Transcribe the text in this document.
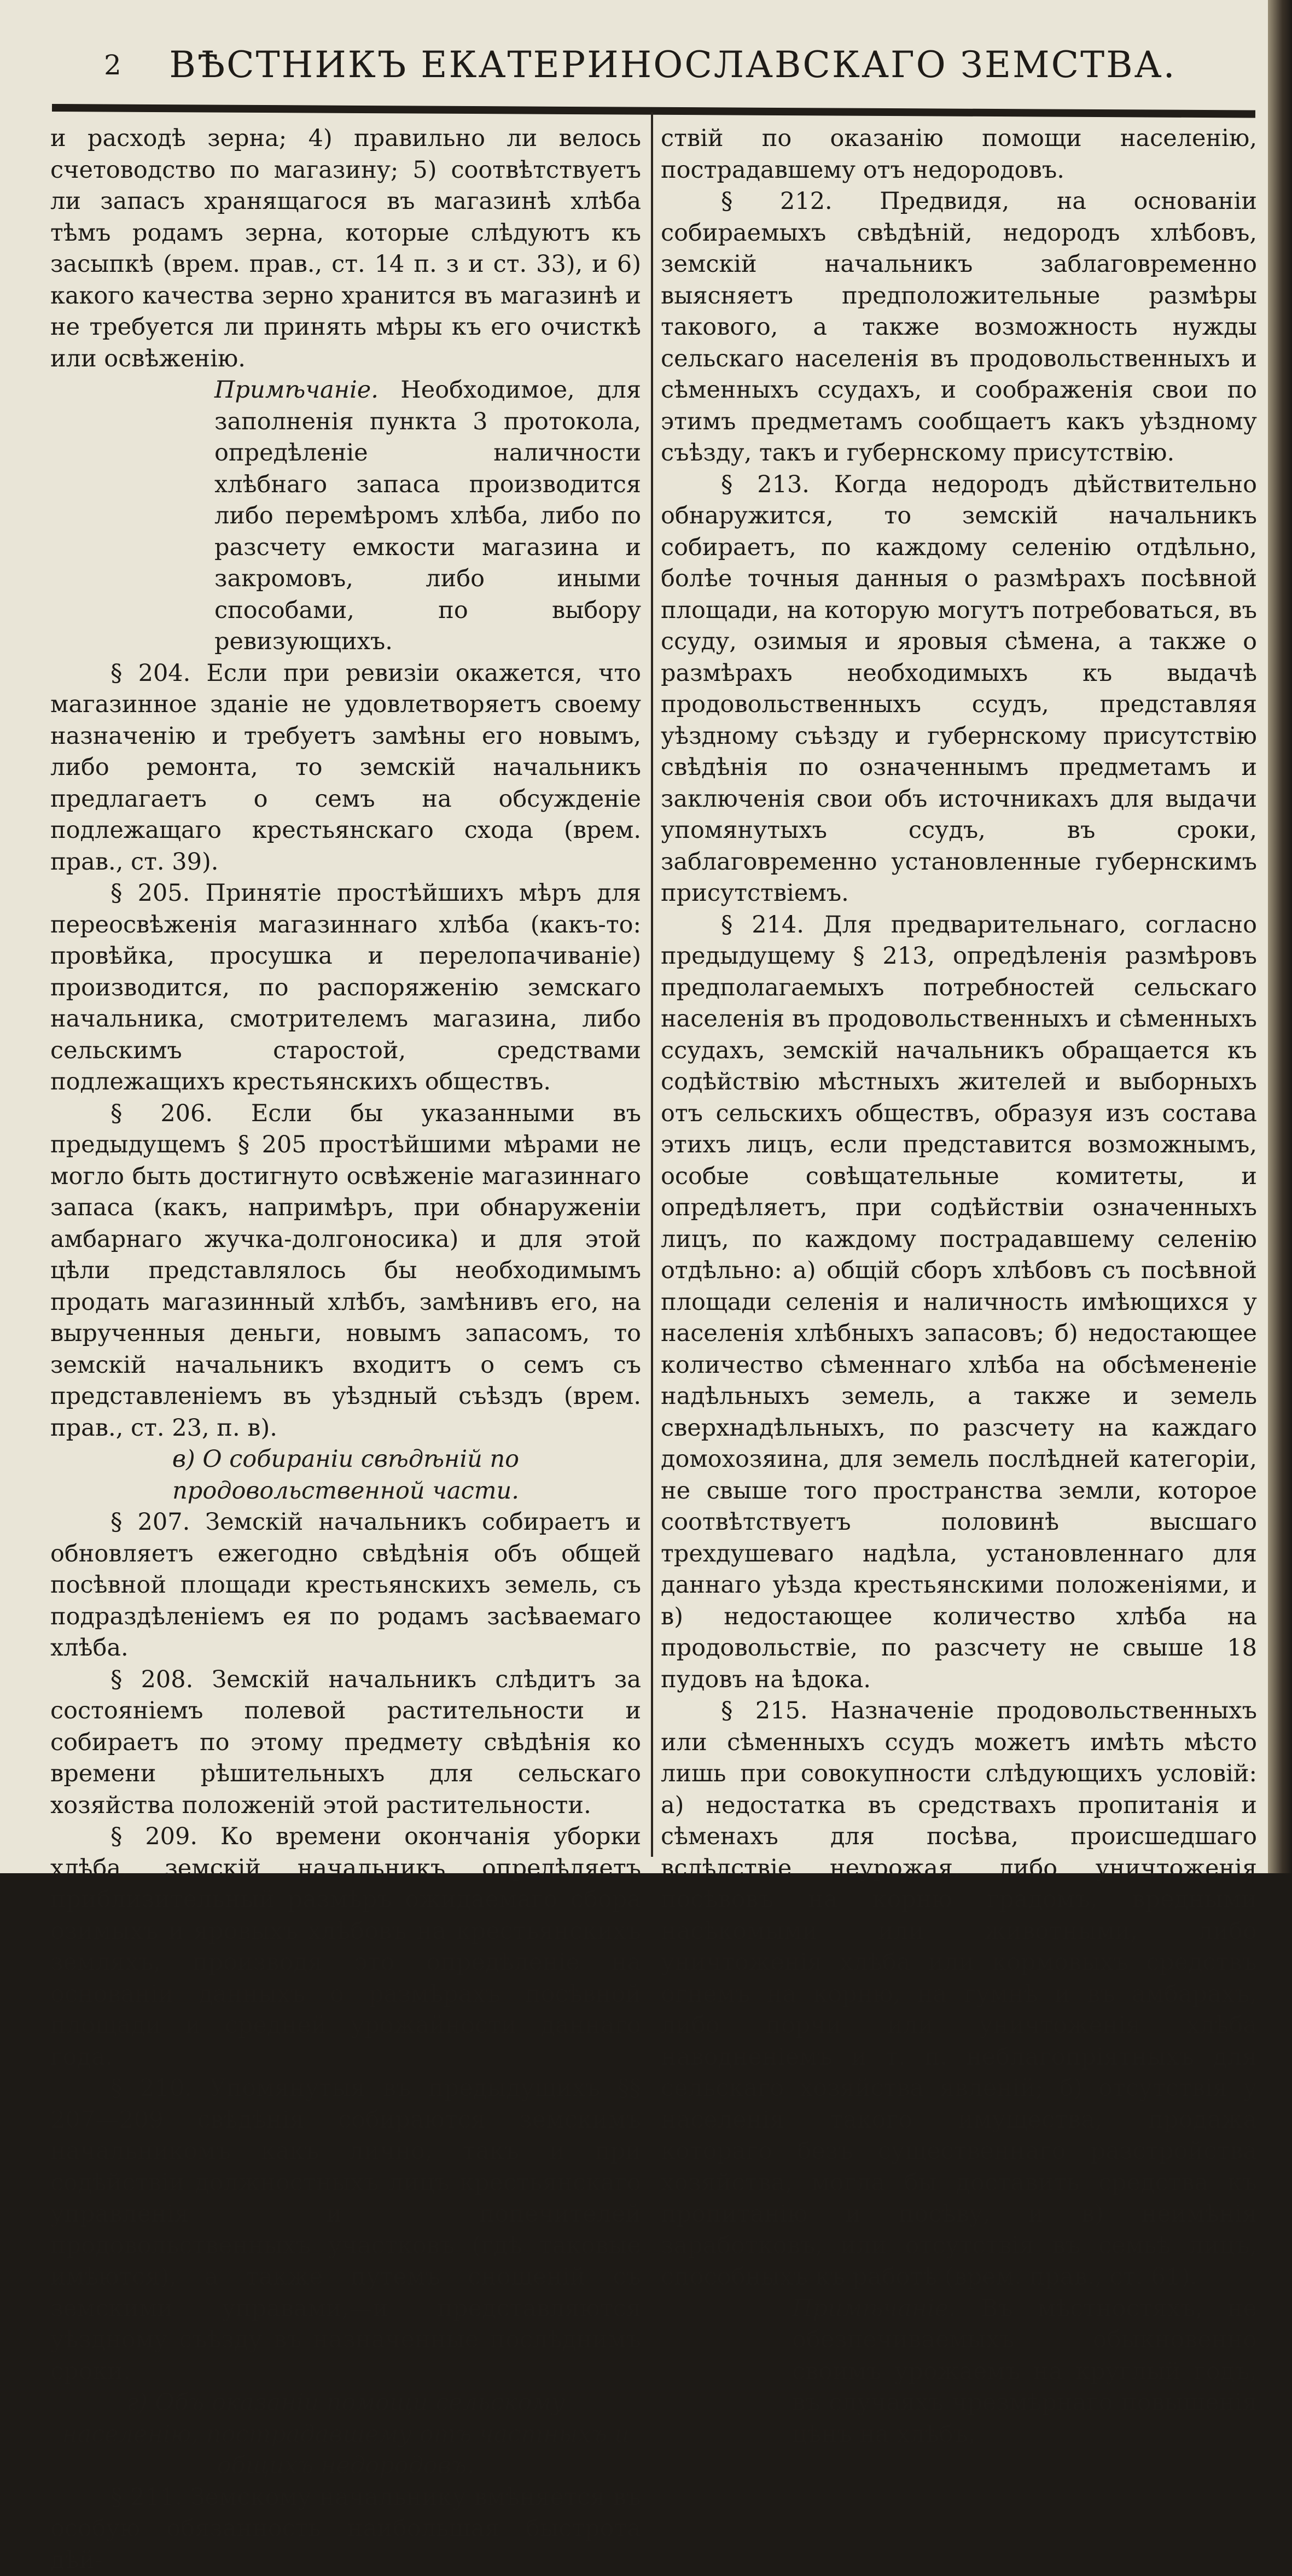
2	ВѢСТНИКЪ ЕКАТЕРИНОСЛАВСКАГО ЗЕМСТВА.

и расходѣ зерна; 4) правильно ли велось счетоводство по магазину; 5) соотвѣтствуетъ ли запасъ хранящагося въ магазинѣ хлѣба тѣмъ родамъ зерна, которые слѣдуютъ къ засыпкѣ (врем. прав., ст. 14 п. з и ст. 33), и 6) какого качества зерно хранится въ магазинѣ и не требуется ли принять мѣры къ его очисткѣ или освѣженію.

Примѣчаніе. Необходимое, для заполненія пункта 3 протокола, опредѣленіе наличности хлѣбнаго запаса производится либо перемѣромъ хлѣба, либо по разсчету емкости магазина и закромовъ, либо иными способами, по выбору ревизующихъ.

§ 204. Если при ревизіи окажется, что магазинное зданіе не удовлетворяетъ своему назначенію и требуетъ замѣны его новымъ, либо ремонта, то земскій начальникъ предлагаетъ о семъ на обсужденіе подлежащаго крестьянскаго схода (врем. прав., ст. 39).

§ 205. Принятіе простѣйшихъ мѣръ для переосвѣженія магазиннаго хлѣба (какъ-то: провѣйка, просушка и перелопачиваніе) производится, по распоряженію земскаго начальника, смотрителемъ магазина, либо сельскимъ старостой, средствами подлежащихъ крестьянскихъ обществъ.

§ 206. Если бы указанными въ предыдущемъ § 205 простѣйшими мѣрами не могло быть достигнуто освѣженіе магазиннаго запаса (какъ, напримѣръ, при обнаруженіи амбарнаго жучка-долгоносика) и для этой цѣли представлялось бы необходимымъ продать магазинный хлѣбъ, замѣнивъ его, на вырученныя деньги, новымъ запасомъ, то земскій начальникъ входитъ о семъ съ представленіемъ въ уѣздный съѣздъ (врем. прав., ст. 23, п. в).

в) О собираніи свѣдѣній по продовольственной части.

§ 207. Земскій начальникъ собираетъ и обновляетъ ежегодно свѣдѣнія объ общей посѣвной площади крестьянскихъ земель, съ подраздѣленіемъ ея по родамъ засѣваемаго хлѣба.

§ 208. Земскій начальникъ слѣдитъ за состояніемъ полевой растительности и собираетъ по этому предмету свѣдѣнія ко времени рѣшительныхъ для сельскаго хозяйства положеній этой растительности.

§ 209. Ко времени окончанія уборки хлѣба, земскій начальникъ опредѣляетъ приблизительный размѣръ ожидаемаго сбора озимыхъ и яровыхъ хлѣбовъ на крестьянскихъ земляхъ, производя это опредѣленіе на основаніи данныхъ о размѣрахъ посѣвной площади и средней урожайности даннаго года.

§ 210. Упомянутыя въ предыдущихъ §§ 207—209 свѣдѣнія собираются земскимъ начальникомъ какъ лично, такъ и при содѣйствіи должностныхъ лицъ крестьянскаго управленія и попечителей продовольственныхъ участковъ (гдѣ таковые имѣются), а также путемъ сношеній съ земскими управами,—и представляются уѣздному съѣзду въ назначенные послѣднимъ сроки.

г) Объ оказаніи помощи сельскому населенію, пострадавшему отъ частныхъ и общихъ недородовъ.

§ 211. Земскому начальнику вмѣняется въ особую обязанность наибольшая быстрота дѣй-

ствій по оказанію помощи населенію, пострадавшему отъ недородовъ.

§ 212. Предвидя, на основаніи собираемыхъ свѣдѣній, недородъ хлѣбовъ, земскій начальникъ заблаговременно выясняетъ предположительные размѣры такового, а также возможность нужды сельскаго населенія въ продовольственныхъ и сѣменныхъ ссудахъ, и соображенія свои по этимъ предметамъ сообщаетъ какъ уѣздному съѣзду, такъ и губернскому присутствію.

§ 213. Когда недородъ дѣйствительно обнаружится, то земскій начальникъ собираетъ, по каждому селенію отдѣльно, болѣе точныя данныя о размѣрахъ посѣвной площади, на которую могутъ потребоваться, въ ссуду, озимыя и яровыя сѣмена, а также о размѣрахъ необходимыхъ къ выдачѣ продовольственныхъ ссудъ, представляя уѣздному съѣзду и губернскому присутствію свѣдѣнія по означеннымъ предметамъ и заключенія свои объ источникахъ для выдачи упомянутыхъ ссудъ, въ сроки, заблаговременно установленные губернскимъ присутствіемъ.

§ 214. Для предварительнаго, согласно предыдущему § 213, опредѣленія размѣровъ предполагаемыхъ потребностей сельскаго населенія въ продовольственныхъ и сѣменныхъ ссудахъ, земскій начальникъ обращается къ содѣйствію мѣстныхъ жителей и выборныхъ отъ сельскихъ обществъ, образуя изъ состава этихъ лицъ, если представится возможнымъ, особые совѣщательные комитеты, и опредѣляетъ, при содѣйствіи означенныхъ лицъ, по каждому пострадавшему селенію отдѣльно: а) общій сборъ хлѣбовъ съ посѣвной площади селенія и наличность имѣющихся у населенія хлѣбныхъ запасовъ; б) недостающее количество сѣменнаго хлѣба на обсѣмененіе надѣльныхъ земель, а также и земель сверхнадѣльныхъ, по разсчету на каждаго домохозяина, для земель послѣдней категоріи, не свыше того пространства земли, которое соотвѣтствуетъ половинѣ высшаго трехдушеваго надѣла, установленнаго для даннаго уѣзда крестьянскими положеніями, и в) недостающее количество хлѣба на продовольствіе, по разсчету не свыше 18 пудовъ на ѣдока.

§ 215. Назначеніе продовольственныхъ или сѣменныхъ ссудъ можетъ имѣть мѣсто лишь при совокупности слѣдующихъ условій: а) недостатка въ средствахъ пропитанія и сѣменахъ для посѣва, происшедшаго вслѣдствіе неурожая, либо уничтоженія посѣвовъ на корню градомъ, вредными насѣкомыми или животными, либо уничтоженія хлѣба или кормовыхъ средствъ огнемъ на корню, на гумнѣ и въ амбарахъ, либо порчи или уничтоженія хлѣба наводненіемъ и т. п. неблагопріятныхъ для сельскаго хозяйства явленій; б) отсутствія у населенія такого имущества, продажа котораго безъ существеннаго разстройства хозяйства, могла бы доставить средства къ пропитанію и посѣву, и в) неимѣнія заработковъ, или отсутствія въ семьѣ лицъ, способныхъ къ работѣ (врем. прав., ст. 61).

Примѣчаніе. Въ мѣстностяхъ, не обезпечиваемыхъ обыкновенно своимъ урожаемъ на круглый годъ, въ случаяхъ чрезмѣрнаго повышенія цѣнъ на хлѣбъ,
